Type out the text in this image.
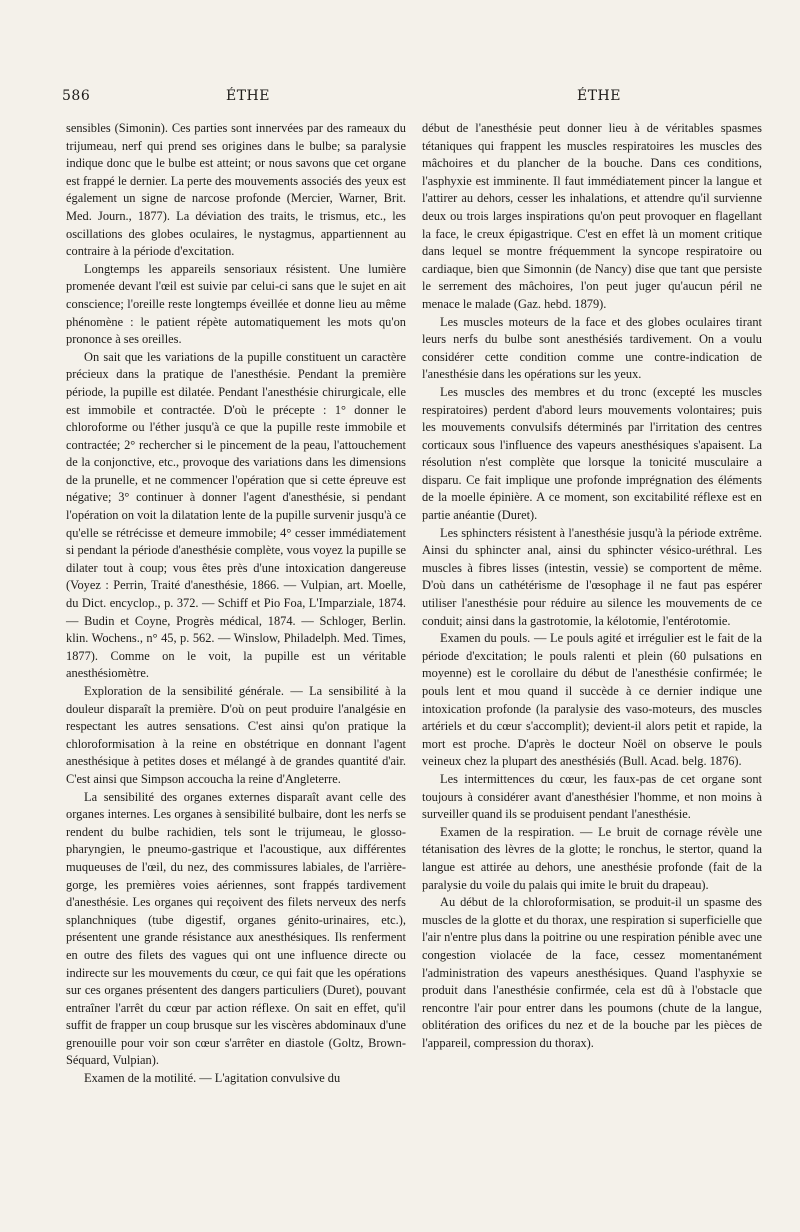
586	ÉTHE	ÉTHE

sensibles (Simonin). Ces parties sont innervées par des rameaux du trijumeau, nerf qui prend ses origines dans le bulbe; sa paralysie indique donc que le bulbe est atteint; or nous savons que cet organe est frappé le dernier. La perte des mouvements associés des yeux est également un signe de narcose profonde (Mercier, Warner, Brit. Med. Journ., 1877). La déviation des traits, le trismus, etc., les oscillations des globes oculaires, le nystagmus, appartiennent au contraire à la période d'excitation.

Longtemps les appareils sensoriaux résistent. Une lumière promenée devant l'œil est suivie par celui-ci sans que le sujet en ait conscience; l'oreille reste longtemps éveillée et donne lieu au même phénomène : le patient répète automatiquement les mots qu'on prononce à ses oreilles.

On sait que les variations de la pupille constituent un caractère précieux dans la pratique de l'anesthésie. Pendant la première période, la pupille est dilatée. Pendant l'anesthésie chirurgicale, elle est immobile et contractée. D'où le précepte : 1° donner le chloroforme ou l'éther jusqu'à ce que la pupille reste immobile et contractée; 2° rechercher si le pincement de la peau, l'attouchement de la conjonctive, etc., provoque des variations dans les dimensions de la prunelle, et ne commencer l'opération que si cette épreuve est négative; 3° continuer à donner l'agent d'anesthésie, si pendant l'opération on voit la dilatation lente de la pupille survenir jusqu'à ce qu'elle se rétrécisse et demeure immobile; 4° cesser immédiatement si pendant la période d'anesthésie complète, vous voyez la pupille se dilater tout à coup; vous êtes près d'une intoxication dangereuse (Voyez : Perrin, Traité d'anesthésie, 1866. — Vulpian, art. Moelle, du Dict. encyclop., p. 372. — Schiff et Pio Foa, L'Imparziale, 1874. — Budin et Coyne, Progrès médical, 1874. — Schloger, Berlin. klin. Wochens., n° 45, p. 562. — Winslow, Philadelph. Med. Times, 1877). Comme on le voit, la pupille est un véritable anesthésiomètre.

Exploration de la sensibilité générale. — La sensibilité à la douleur disparaît la première. D'où on peut produire l'analgésie en respectant les autres sensations. C'est ainsi qu'on pratique la chloroformisation à la reine en obstétrique en donnant l'agent anesthésique à petites doses et mélangé à de grandes quantité d'air. C'est ainsi que Simpson accoucha la reine d'Angleterre.

La sensibilité des organes externes disparaît avant celle des organes internes. Les organes à sensibilité bulbaire, dont les nerfs se rendent du bulbe rachidien, tels sont le trijumeau, le glosso-pharyngien, le pneumo-gastrique et l'acoustique, aux différentes muqueuses de l'œil, du nez, des commissures labiales, de l'arrière-gorge, les premières voies aériennes, sont frappés tardivement d'anesthésie. Les organes qui reçoivent des filets nerveux des nerfs splanchniques (tube digestif, organes génito-urinaires, etc.), présentent une grande résistance aux anesthésiques. Ils renferment en outre des filets des vagues qui ont une influence directe ou indirecte sur les mouvements du cœur, ce qui fait que les opérations sur ces organes présentent des dangers particuliers (Duret), pouvant entraîner l'arrêt du cœur par action réflexe. On sait en effet, qu'il suffit de frapper un coup brusque sur les viscères abdominaux d'une grenouille pour voir son cœur s'arrêter en diastole (Goltz, Brown-Séquard, Vulpian).

Examen de la motilité. — L'agitation convulsive du

début de l'anesthésie peut donner lieu à de véritables spasmes tétaniques qui frappent les muscles respiratoires les muscles des mâchoires et du plancher de la bouche. Dans ces conditions, l'asphyxie est imminente. Il faut immédiatement pincer la langue et l'attirer au dehors, cesser les inhalations, et attendre qu'il survienne deux ou trois larges inspirations qu'on peut provoquer en flagellant la face, le creux épigastrique. C'est en effet là un moment critique dans lequel se montre fréquemment la syncope respiratoire ou cardiaque, bien que Simonnin (de Nancy) dise que tant que persiste le serrement des mâchoires, l'on peut juger qu'aucun péril ne menace le malade (Gaz. hebd. 1879).

Les muscles moteurs de la face et des globes oculaires tirant leurs nerfs du bulbe sont anesthésiés tardivement. On a voulu considérer cette condition comme une contre-indication de l'anesthésie dans les opérations sur les yeux.

Les muscles des membres et du tronc (excepté les muscles respiratoires) perdent d'abord leurs mouvements volontaires; puis les mouvements convulsifs déterminés par l'irritation des centres corticaux sous l'influence des vapeurs anesthésiques s'apaisent. La résolution n'est complète que lorsque la tonicité musculaire a disparu. Ce fait implique une profonde imprégnation des éléments de la moelle épinière. A ce moment, son excitabilité réflexe est en partie anéantie (Duret).

Les sphincters résistent à l'anesthésie jusqu'à la période extrême. Ainsi du sphincter anal, ainsi du sphincter vésico-uréthral. Les muscles à fibres lisses (intestin, vessie) se comportent de même. D'où dans un cathétérisme de l'œsophage il ne faut pas espérer utiliser l'anesthésie pour réduire au silence les mouvements de ce conduit; ainsi dans la gastrotomie, la kélotomie, l'entérotomie.

Examen du pouls. — Le pouls agité et irrégulier est le fait de la période d'excitation; le pouls ralenti et plein (60 pulsations en moyenne) est le corollaire du début de l'anesthésie confirmée; le pouls lent et mou quand il succède à ce dernier indique une intoxication profonde (la paralysie des vaso-moteurs, des muscles artériels et du cœur s'accomplit); devient-il alors petit et rapide, la mort est proche. D'après le docteur Noël on observe le pouls veineux chez la plupart des anesthésiés (Bull. Acad. belg. 1876).

Les intermittences du cœur, les faux-pas de cet organe sont toujours à considérer avant d'anesthésier l'homme, et non moins à surveiller quand ils se produisent pendant l'anesthésie.

Examen de la respiration. — Le bruit de cornage révèle une tétanisation des lèvres de la glotte; le ronchus, le stertor, quand la langue est attirée au dehors, une anesthésie profonde (fait de la paralysie du voile du palais qui imite le bruit du drapeau).

Au début de la chloroformisation, se produit-il un spasme des muscles de la glotte et du thorax, une respiration si superficielle que l'air n'entre plus dans la poitrine ou une respiration pénible avec une congestion violacée de la face, cessez momentanément l'administration des vapeurs anesthésiques. Quand l'asphyxie se produit dans l'anesthésie confirmée, cela est dû à l'obstacle que rencontre l'air pour entrer dans les poumons (chute de la langue, oblitération des orifices du nez et de la bouche par les pièces de l'appareil, compression du thorax).
